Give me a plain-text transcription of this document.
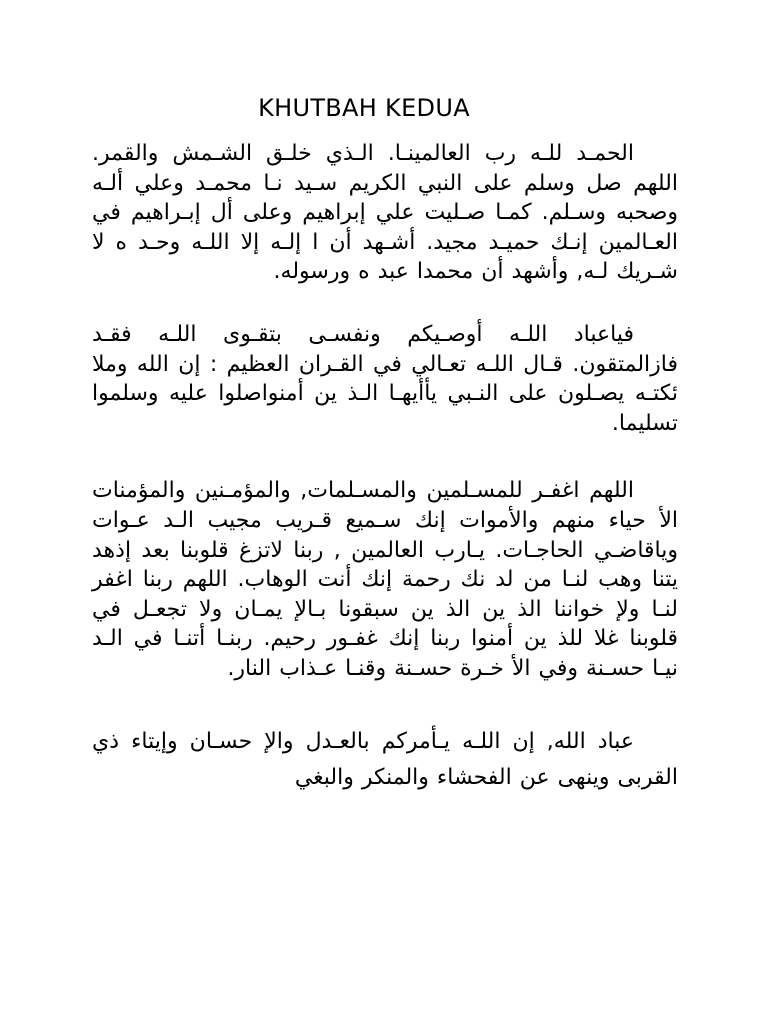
KHUTBAH KEDUA

الحمـد للـه رب العالمينـا. الـذي خلـق الشـمش والقمر. اللهم صل وسلم على النبي الكريم سـيد نـا محمـد وعلي ألـه وصحبه وسـلم. كمـا صـليت علي إبراهيم وعلى أل إبـراهيم في العـالمين إنـك حميـد مجيد. أشـهد أن ا إلـه إلا اللـه وحـد ه لا شـريك لـه, وأشهد أن محمدا عبد ه ورسوله.

فياعباد اللـه أوصـيكم ونفسـى بتقـوى اللـه فقـد فازالمتقون. قـال اللـه تعـالي في القـران العظيم : إن الله وملا ئكتـه يصـلون على النـبي يأأيهـا الـذ ين أمنواصلوا عليه وسلموا تسليما.

اللهم اغفـر للمسـلمين والمسـلمات, والمؤمـنين والمؤمنات الأ حياء منهم والأموات إنك سـميع قـريب مجيب الـد عـوات وياقاضـي الحاجـات. يـارب العالمين , ربنا لاتزغ قلوبنا بعد إذهد يتنا وهب لنـا من لد نك رحمة إنك أنت الوهاب. اللهم ربنا اغفر لنـا ولإ خواننا الذ ين الذ ين سبقونا بـالإ يمـان ولا تجعـل في قلوبنا غلا للذ ين أمنوا ربنا إنك غفـور رحيم. ربنـا أتنـا في الـد نيـا حسـنة وفي الأ خـرة حسـنة وقنـا عـذاب النار.

عباد الله, إن اللـه يـأمركم بالعـدل والإ حسـان وإيتاء ذي القربى وينهى عن الفحشاء والمنكر والبغي
